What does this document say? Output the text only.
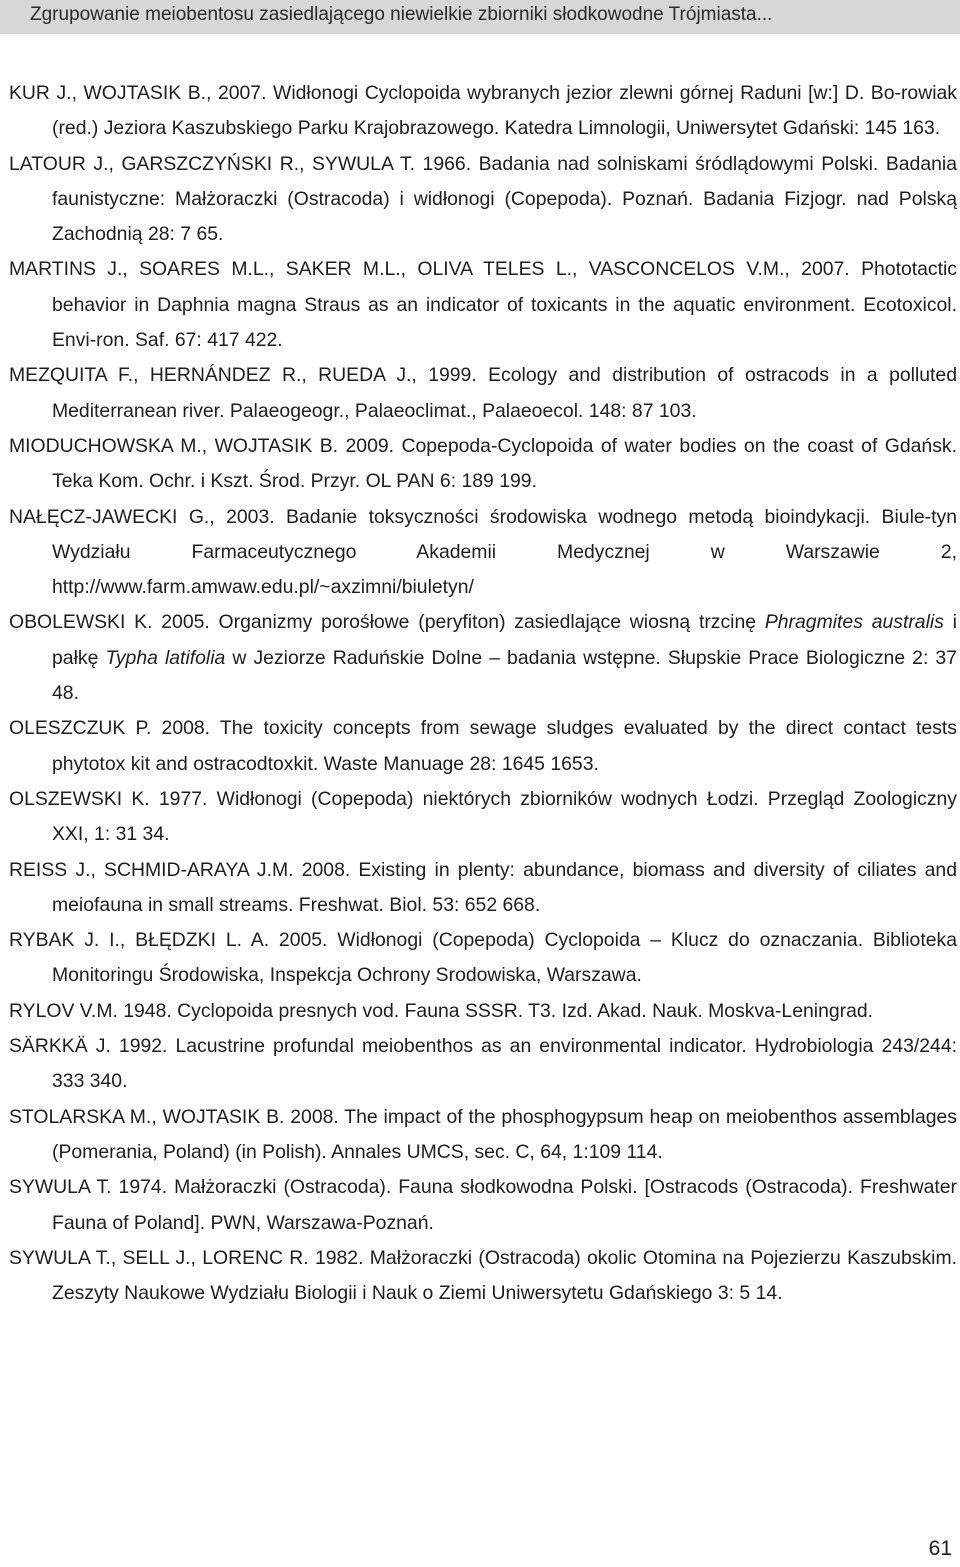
Zgrupowanie meiobentosu zasiedlającego niewielkie zbiorniki słodkowodne Trójmiasta...

KUR J., WOJTASIK B., 2007. Widłonogi Cyclopoida wybranych jezior zlewni górnej Raduni [w:] D. Bo-rowiak (red.) Jeziora Kaszubskiego Parku Krajobrazowego. Katedra Limnologii, Uniwersytet Gdański: 145 163.

LATOUR J., GARSZCZYŃSKI R., SYWULA T. 1966. Badania nad solniskami śródlądowymi Polski. Badania faunistyczne: Małżoraczki (Ostracoda) i widłonogi (Copepoda). Poznań. Badania Fizjogr. nad Polską Zachodnią 28: 7 65.

MARTINS J., SOARES M.L., SAKER M.L., OLIVA TELES L., VASCONCELOS V.M., 2007. Phototactic behavior in Daphnia magna Straus as an indicator of toxicants in the aquatic environment. Ecotoxicol. Envi-ron. Saf. 67: 417 422.

MEZQUITA F., HERNÁNDEZ R., RUEDA J., 1999. Ecology and distribution of ostracods in a polluted Mediterranean river. Palaeogeogr., Palaeoclimat., Palaeoecol. 148: 87 103.

MIODUCHOWSKA M., WOJTASIK B. 2009. Copepoda-Cyclopoida of water bodies on the coast of Gdańsk. Teka Kom. Ochr. i Kszt. Środ. Przyr. OL PAN 6: 189 199.

NAŁĘCZ-JAWECKI G., 2003. Badanie toksyczności środowiska wodnego metodą bioindykacji. Biule-tyn Wydziału Farmaceutycznego Akademii Medycznej w Warszawie 2, http://www.farm.amwaw.edu.pl/~axzimni/biuletyn/

OBOLEWSKI K. 2005. Organizmy porośłowe (peryfiton) zasiedlające wiosną trzcinę Phragmites australis i pałkę Typha latifolia w Jeziorze Raduńskie Dolne – badania wstępne. Słupskie Prace Biologiczne 2: 37 48.

OLESZCZUK P. 2008. The toxicity concepts from sewage sludges evaluated by the direct contact tests phytotox kit and ostracodtoxkit. Waste Manuage 28: 1645 1653.

OLSZEWSKI K. 1977. Widłonogi (Copepoda) niektórych zbiorników wodnych Łodzi. Przegląd Zoologiczny XXI, 1: 31 34.

REISS J., SCHMID-ARAYA J.M. 2008. Existing in plenty: abundance, biomass and diversity of ciliates and meiofauna in small streams. Freshwat. Biol. 53: 652 668.

RYBAK J. I., BŁĘDZKI L. A. 2005. Widłonogi (Copepoda) Cyclopoida – Klucz do oznaczania. Biblioteka Monitoringu Środowiska, Inspekcja Ochrony Srodowiska, Warszawa.

RYLOV V.M. 1948. Cyclopoida presnych vod. Fauna SSSR. T3. Izd. Akad. Nauk. Moskva-Leningrad.

SÄRKKÄ J. 1992. Lacustrine profundal meiobenthos as an environmental indicator. Hydrobiologia 243/244: 333 340.

STOLARSKA M., WOJTASIK B. 2008. The impact of the phosphogypsum heap on meiobenthos assemblages (Pomerania, Poland) (in Polish). Annales UMCS, sec. C, 64, 1:109 114.

SYWULA T. 1974. Małżoraczki (Ostracoda). Fauna słodkowodna Polski. [Ostracods (Ostracoda). Freshwater Fauna of Poland]. PWN, Warszawa-Poznań.

SYWULA T., SELL J., LORENC R. 1982. Małżoraczki (Ostracoda) okolic Otomina na Pojezierzu Kaszubskim. Zeszyty Naukowe Wydziału Biologii i Nauk o Ziemi Uniwersytetu Gdańskiego 3: 5 14.

61
